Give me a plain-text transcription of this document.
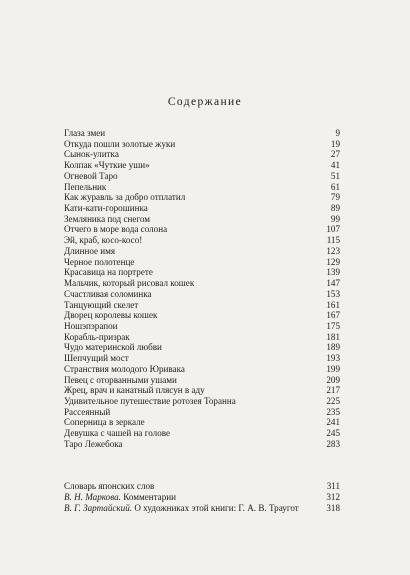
Содержание
Глаза змеи	9
Откуда пошли золотые жуки	19
Сынок-улитка	27
Колпак «Чуткие уши»	41
Огневой Таро	51
Пепельник	61
Как журавль за добро отплатил	79
Кати-кати-горошинка	89
Земляника под снегом	99
Отчего в море вода солона	107
Эй, краб, косо-косо!	115
Длинное имя	123
Черное полотенце	129
Красавица на портрете	139
Мальчик, который рисовал кошек	147
Счастливая соломинка	153
Танцующий скелет	161
Дворец королевы кошек	167
Ношэпэрапои	175
Корабль-призрак	181
Чудо материнской любви	189
Шепчущий мост	193
Странствия молодого Юривака	199
Певец с оторванными ушами	209
Жрец, врач и канатный плясун в аду	217
Удивительное путешествие ротозея Торанна	225
Рассеянный	235
Соперница в зеркале	241
Девушка с чашей на голове	245
Таро Лежебока	283
Словарь японских слов	311
В. Н. Маркова. Комментарии	312
В. Г. Зартайский. О художниках этой книги: Г. А. В. Траугот	318
